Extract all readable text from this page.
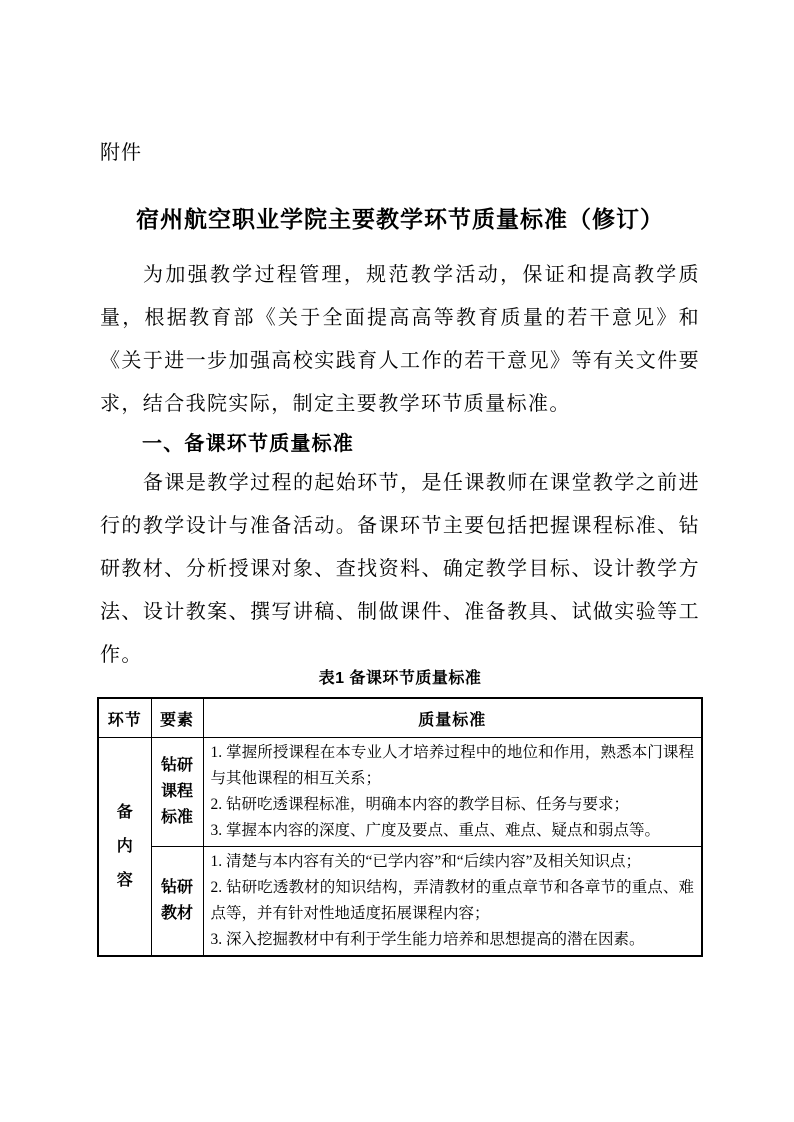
附件
宿州航空职业学院主要教学环节质量标准（修订）

为加强教学过程管理，规范教学活动，保证和提高教学质量，根据教育部《关于全面提高高等教育质量的若干意见》和《关于进一步加强高校实践育人工作的若干意见》等有关文件要求，结合我院实际，制定主要教学环节质量标准。

一、备课环节质量标准

备课是教学过程的起始环节，是任课教师在课堂教学之前进行的教学设计与准备活动。备课环节主要包括把握课程标准、钻研教材、分析授课对象、查找资料、确定教学目标、设计教学方法、设计教案、撰写讲稿、制做课件、准备教具、试做实验等工作。

表1 备课环节质量标准
环节	要素	质量标准
备内容	钻研课程标准	1. 掌握所授课程在本专业人才培养过程中的地位和作用，熟悉本门课程与其他课程的相互关系；
2. 钻研吃透课程标准，明确本内容的教学目标、任务与要求；
3. 掌握本内容的深度、广度及要点、重点、难点、疑点和弱点等。

	钻研教材	1. 清楚与本内容有关的“已学内容”和“后续内容”及相关知识点；
2. 钻研吃透教材的知识结构，弄清教材的重点章节和各章节的重点、难点等，并有针对性地适度拓展课程内容；
3. 深入挖掘教材中有利于学生能力培养和思想提高的潜在因素。
